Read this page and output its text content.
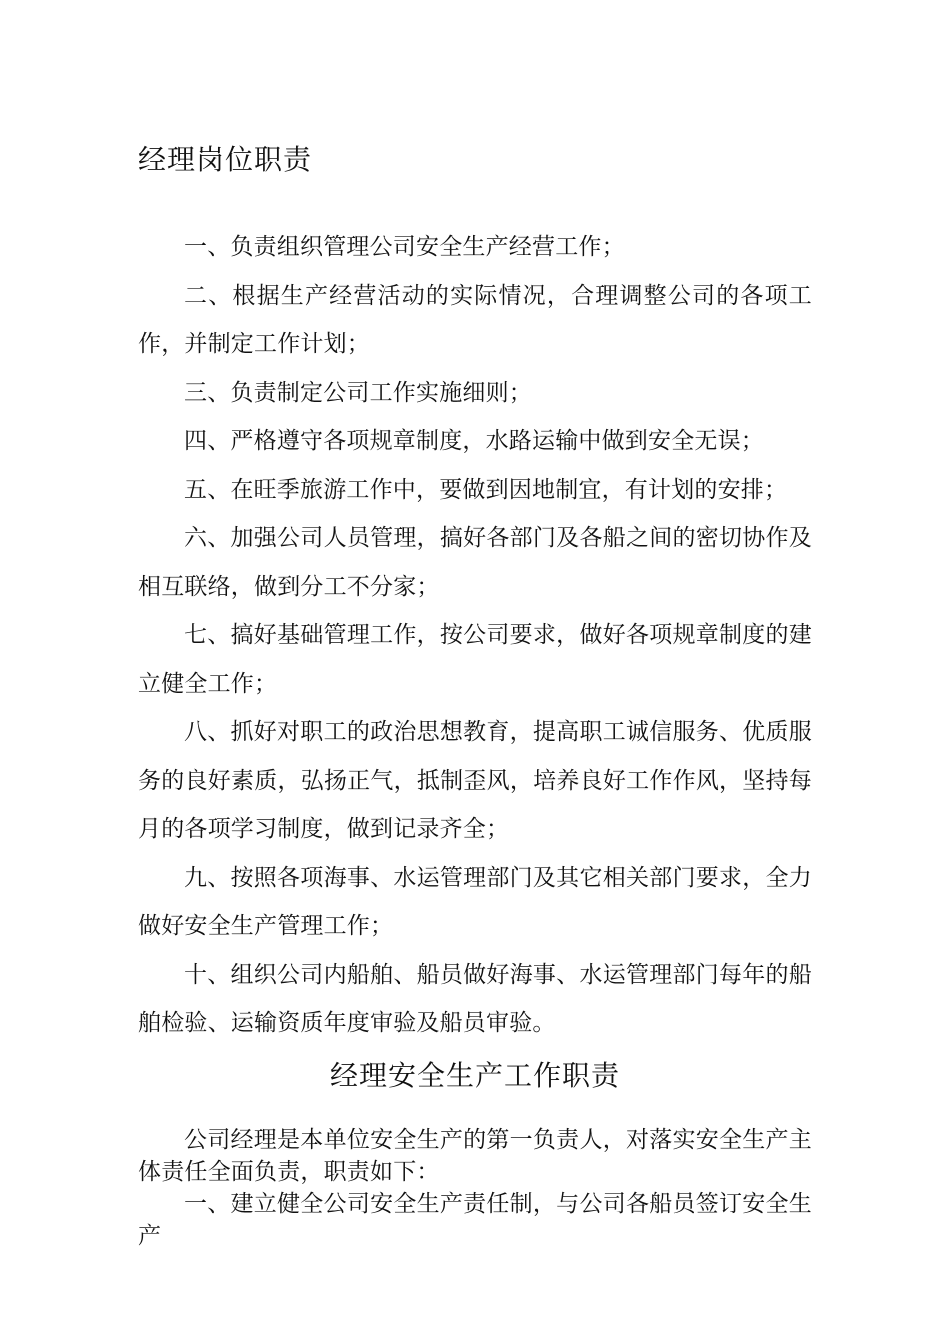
经理岗位职责

一、负责组织管理公司安全生产经营工作；

二、根据生产经营活动的实际情况，合理调整公司的各项工作，并制定工作计划；

三、负责制定公司工作实施细则；

四、严格遵守各项规章制度，水路运输中做到安全无误；

五、在旺季旅游工作中，要做到因地制宜，有计划的安排；

六、加强公司人员管理，搞好各部门及各船之间的密切协作及相互联络，做到分工不分家；

七、搞好基础管理工作，按公司要求，做好各项规章制度的建立健全工作；

八、抓好对职工的政治思想教育，提高职工诚信服务、优质服务的良好素质，弘扬正气，抵制歪风，培养良好工作作风，坚持每月的各项学习制度，做到记录齐全；

九、按照各项海事、水运管理部门及其它相关部门要求，全力做好安全生产管理工作；

十、组织公司内船舶、船员做好海事、水运管理部门每年的船舶检验、运输资质年度审验及船员审验。

经理安全生产工作职责

公司经理是本单位安全生产的第一负责人，对落实安全生产主体责任全面负责，职责如下：

一、建立健全公司安全生产责任制，与公司各船员签订安全生产
